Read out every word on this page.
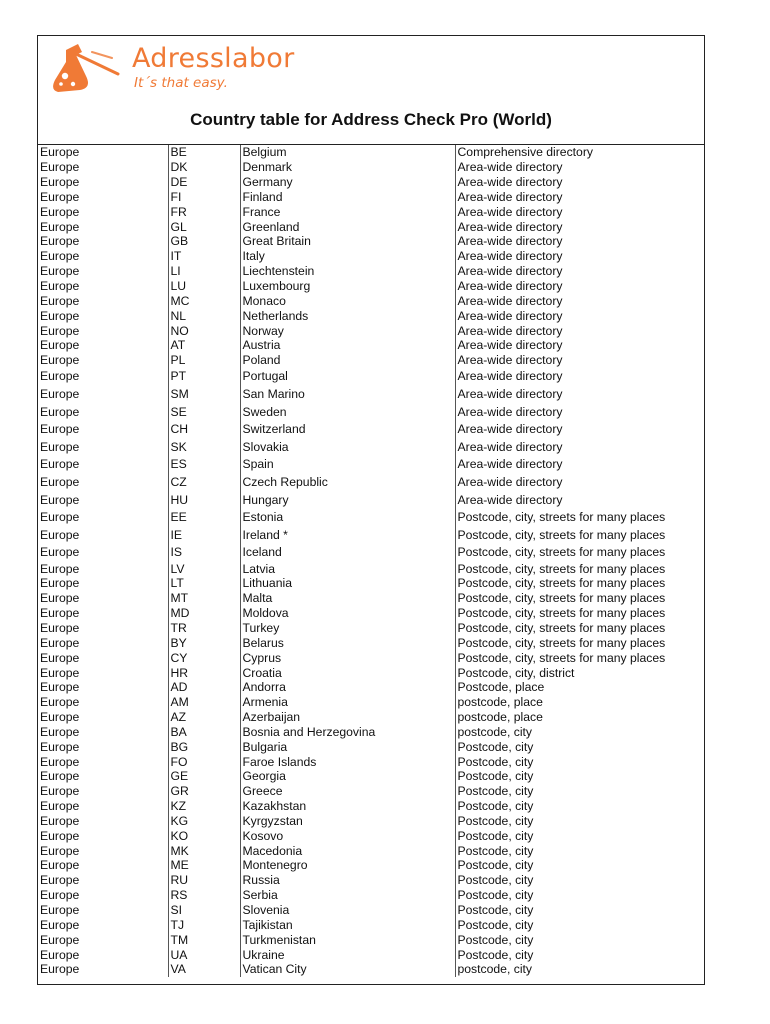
Adresslabor
It´s that easy.
Country table for Address Check Pro (World)
Europe	BE	Belgium	Comprehensive directory
Europe	DK	Denmark	Area-wide directory
Europe	DE	Germany	Area-wide directory
Europe	FI	Finland	Area-wide directory
Europe	FR	France	Area-wide directory
Europe	GL	Greenland	Area-wide directory
Europe	GB	Great Britain	Area-wide directory
Europe	IT	Italy	Area-wide directory
Europe	LI	Liechtenstein	Area-wide directory
Europe	LU	Luxembourg	Area-wide directory
Europe	MC	Monaco	Area-wide directory
Europe	NL	Netherlands	Area-wide directory
Europe	NO	Norway	Area-wide directory
Europe	AT	Austria	Area-wide directory
Europe	PL	Poland	Area-wide directory
Europe	PT	Portugal	Area-wide directory
Europe	SM	San Marino	Area-wide directory
Europe	SE	Sweden	Area-wide directory
Europe	CH	Switzerland	Area-wide directory
Europe	SK	Slovakia	Area-wide directory
Europe	ES	Spain	Area-wide directory
Europe	CZ	Czech Republic	Area-wide directory
Europe	HU	Hungary	Area-wide directory
Europe	EE	Estonia	Postcode, city, streets for many places
Europe	IE	Ireland *	Postcode, city, streets for many places
Europe	IS	Iceland	Postcode, city, streets for many places
Europe	LV	Latvia	Postcode, city, streets for many places
Europe	LT	Lithuania	Postcode, city, streets for many places
Europe	MT	Malta	Postcode, city, streets for many places
Europe	MD	Moldova	Postcode, city, streets for many places
Europe	TR	Turkey	Postcode, city, streets for many places
Europe	BY	Belarus	Postcode, city, streets for many places
Europe	CY	Cyprus	Postcode, city, streets for many places
Europe	HR	Croatia	Postcode, city, district
Europe	AD	Andorra	Postcode, place
Europe	AM	Armenia	postcode, place
Europe	AZ	Azerbaijan	postcode, place
Europe	BA	Bosnia and Herzegovina	postcode, city
Europe	BG	Bulgaria	Postcode, city
Europe	FO	Faroe Islands	Postcode, city
Europe	GE	Georgia	Postcode, city
Europe	GR	Greece	Postcode, city
Europe	KZ	Kazakhstan	Postcode, city
Europe	KG	Kyrgyzstan	Postcode, city
Europe	KO	Kosovo	Postcode, city
Europe	MK	Macedonia	Postcode, city
Europe	ME	Montenegro	Postcode, city
Europe	RU	Russia	Postcode, city
Europe	RS	Serbia	Postcode, city
Europe	SI	Slovenia	Postcode, city
Europe	TJ	Tajikistan	Postcode, city
Europe	TM	Turkmenistan	Postcode, city
Europe	UA	Ukraine	Postcode, city
Europe	VA	Vatican City	postcode, city
